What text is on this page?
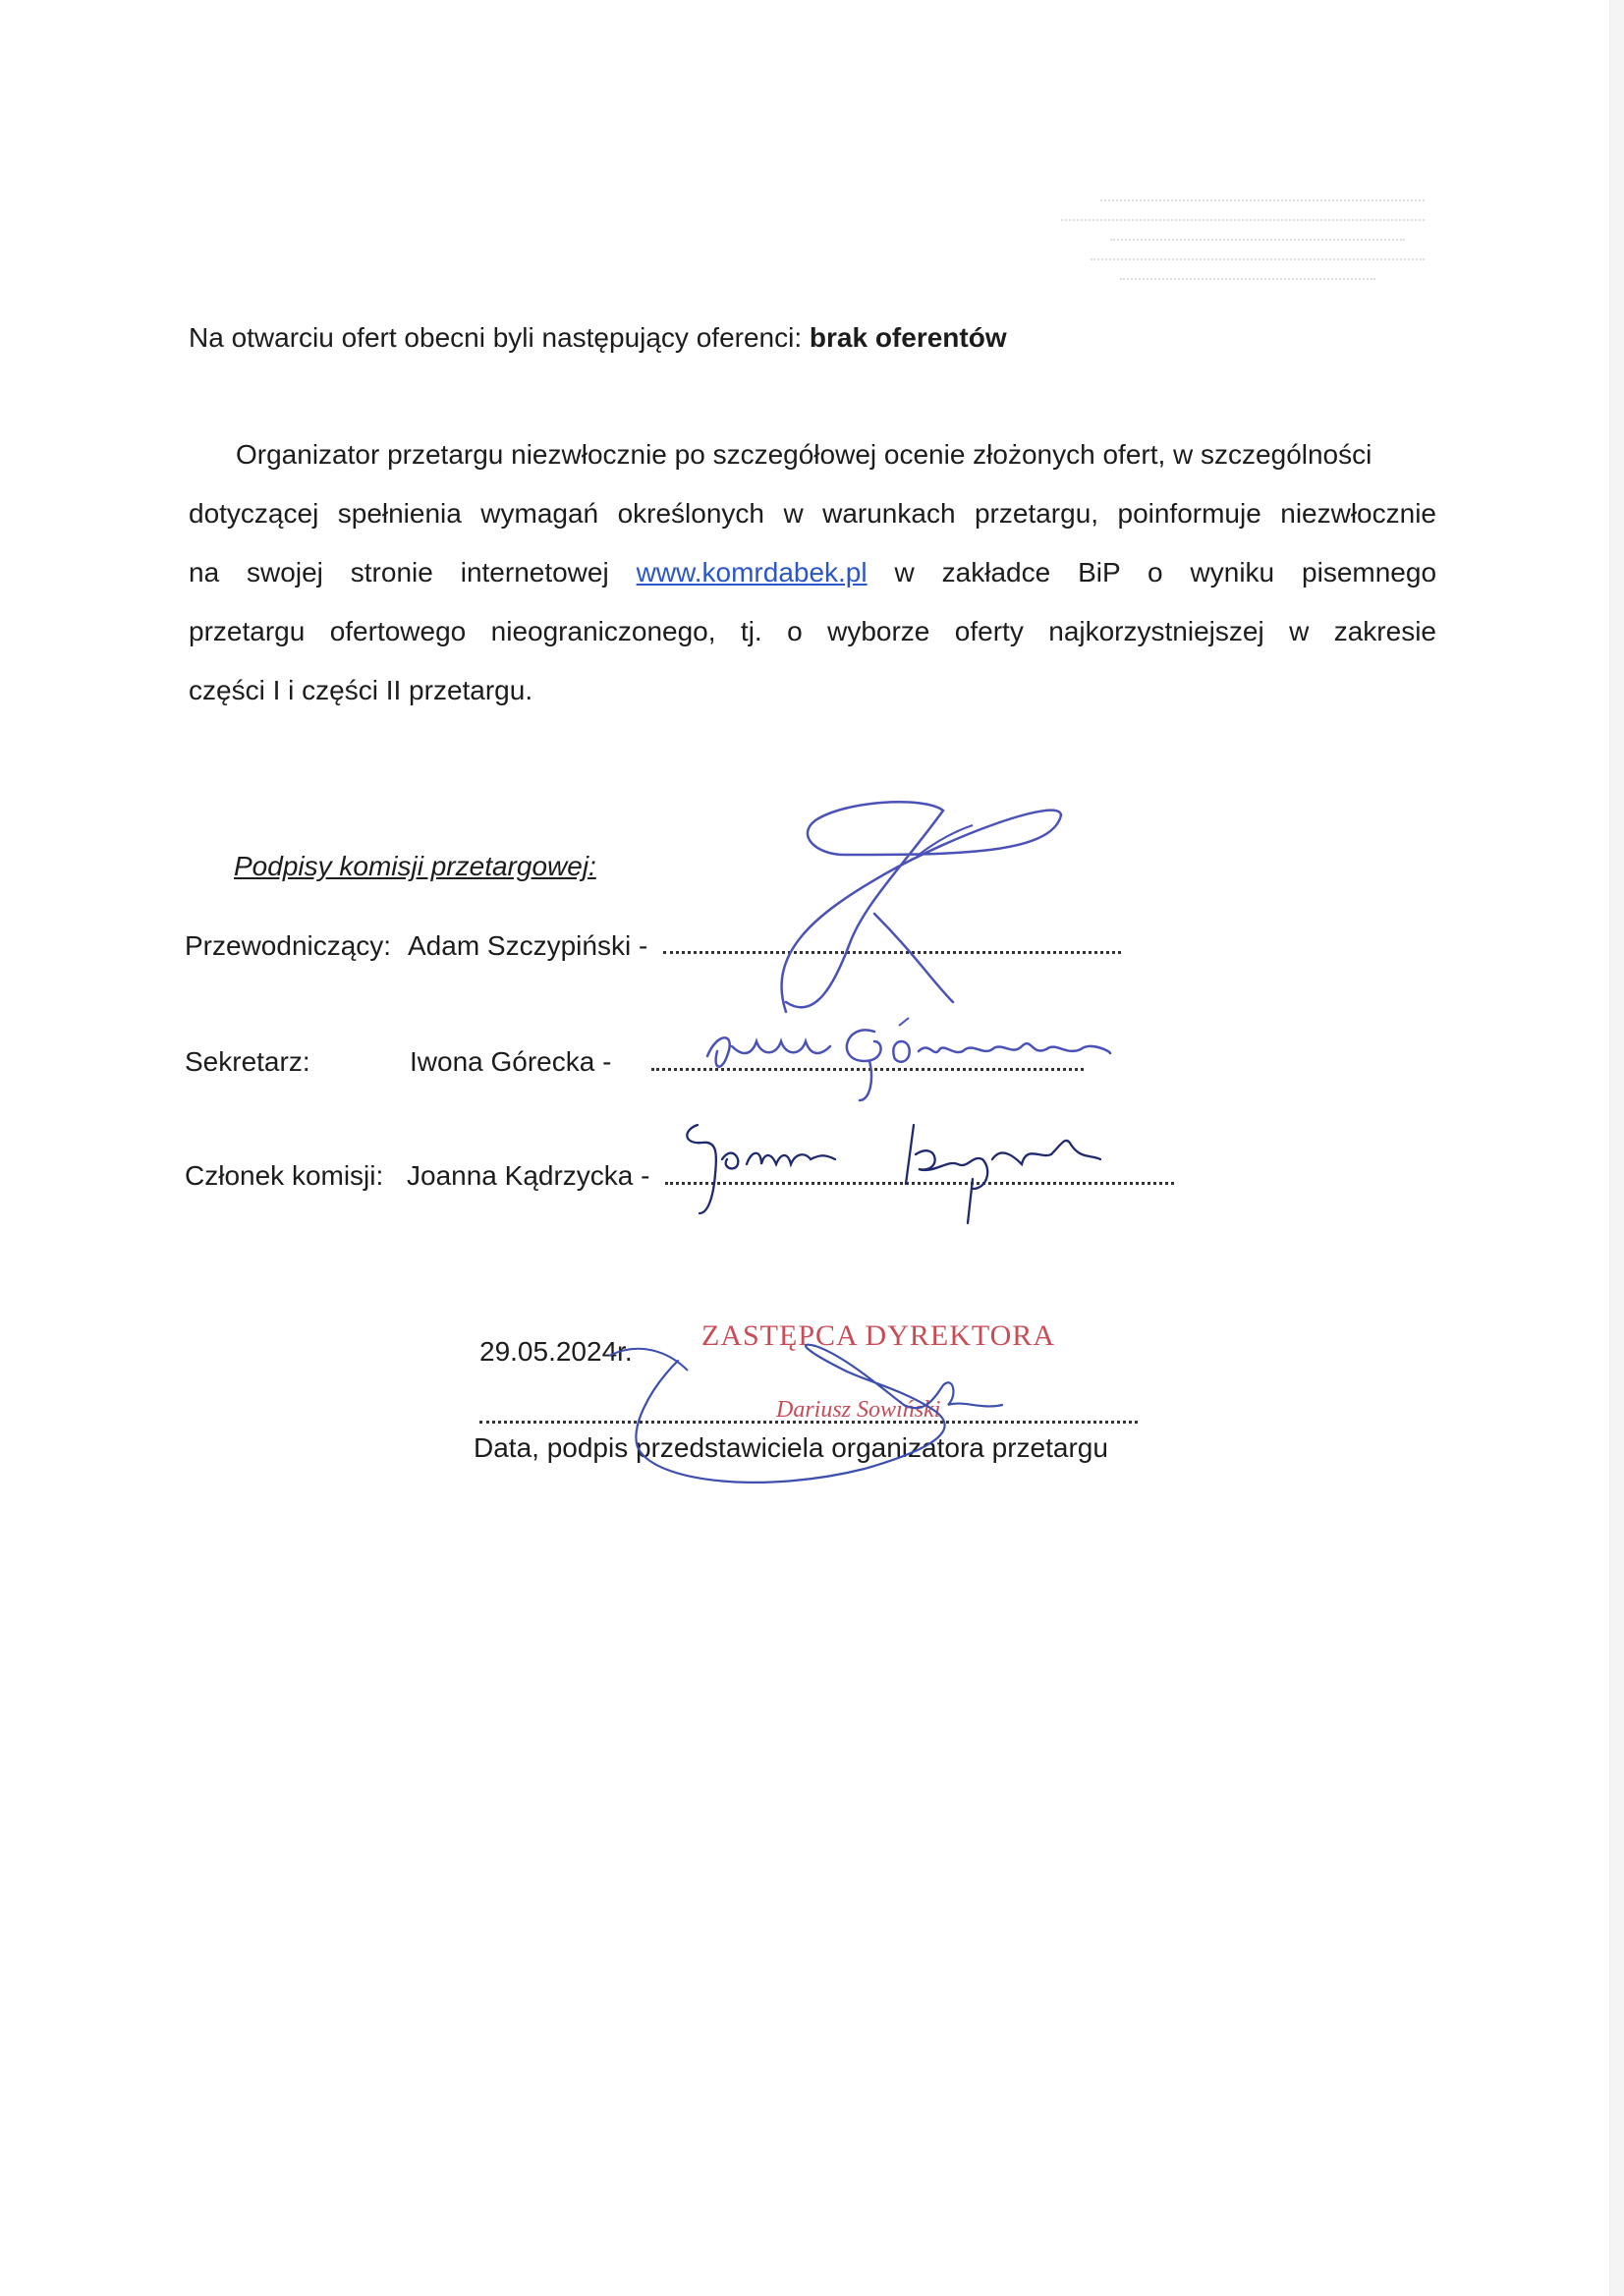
Na otwarciu ofert obecni byli następujący oferenci: brak oferentów
Organizator przetargu niezwłocznie po szczegółowej ocenie złożonych ofert, w szczególności
dotyczącej spełnienia wymagań określonych w warunkach przetargu, poinformuje niezwłocznie
na swojej stronie internetowej www.komrdabek.pl w zakładce BiP o wyniku pisemnego
przetargu ofertowego nieograniczonego, tj. o wyborze oferty najkorzystniejszej w zakresie
części I i części II przetargu.
Podpisy komisji przetargowej:
Przewodniczący: Adam Szczypiński -
Sekretarz:	Iwona Górecka -
Członek komisji: Joanna Kądrzycka -
29.05.2024r.
Data, podpis przedstawiciela organizatora przetargu
ZASTĘPCA DYREKTORA
Dariusz Sowiński
